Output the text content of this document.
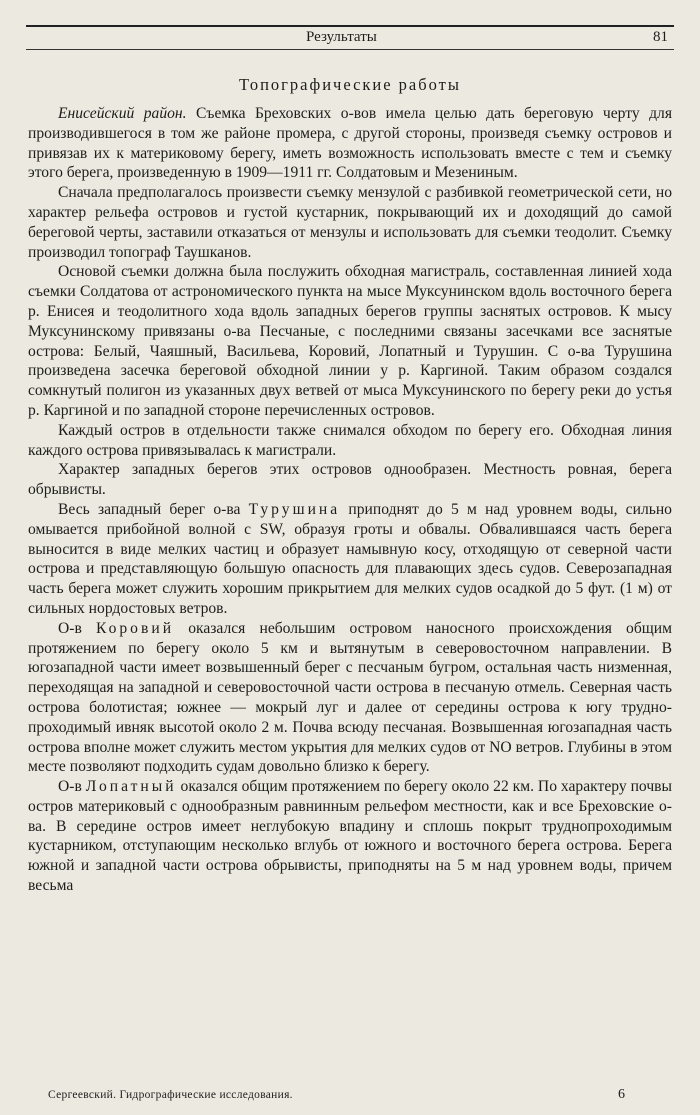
Результаты	81
Топографические работы

Енисейский район. Съемка Бреховских о-вов имела целью дать береговую черту для производившегося в том же районе промера, с другой стороны, произведя съемку островов и привязав их к материковому берегу, иметь возможность использовать вместе с тем и съемку этого берега, произведенную в 1909—1911 гг. Солдатовым и Мезениным.

Сначала предполагалось произвести съемку мензулой с разбивкой геометрической сети, но характер рельефа островов и густой кустарник, покрывающий их и доходящий до самой береговой черты, заставили отказаться от мензулы и использовать для съемки теодолит. Съемку производил топограф Таушканов.

Основой съемки должна была послужить обходная магистраль, составленная линией хода съемки Солдатова от астрономического пункта на мысе Муксунинском вдоль восточного берега р. Енисея и теодолитного хода вдоль западных берегов группы заснятых островов. К мысу Муксунинскому привязаны о-ва Песчаные, с последними связаны засечками все заснятые острова: Белый, Чаяшный, Васильева, Коровий, Лопатный и Турушин. С о-ва Турушина произведена засечка береговой обходной линии у р. Каргиной. Таким образом создался сомкнутый полигон из указанных двух ветвей от мыса Муксунинского по берегу реки до устья р. Каргиной и по западной стороне перечисленных островов.

Каждый остров в отдельности также снимался обходом по берегу его. Обходная линия каждого острова привязывалась к магистрали.

Характер западных берегов этих островов однообразен. Местность ровная, берега обрывисты.

Весь западный берег о-ва Турушина приподнят до 5 м над уровнем воды, сильно омывается прибойной волной с SW, образуя гроты и обвалы. Обвалившаяся часть берега выносится в виде мелких частиц и образует намывную косу, отходящую от северной части острова и представляющую большую опасность для плавающих здесь судов. Северозападная часть берега может служить хорошим прикрытием для мелких судов осадкой до 5 фут. (1 м) от сильных нордостовых ветров.

О-в Коровий оказался небольшим островом наносного происхождения общим протяжением по берегу около 5 км и вытянутым в северовосточном направлении. В югозападной части имеет возвышенный берег с песчаным бугром, остальная часть низменная, переходящая на западной и северовосточной части острова в песчаную отмель. Северная часть острова болотистая; южнее — мокрый луг и далее от середины острова к югу трудно-проходимый ивняк высотой около 2 м. Почва всюду песчаная. Возвышенная югозападная часть острова вполне может служить местом укрытия для мелких судов от NO ветров. Глубины в этом месте позволяют подходить судам довольно близко к берегу.

О-в Лопатный оказался общим протяжением по берегу около 22 км. По характеру почвы остров материковый с однообразным равнинным рельефом местности, как и все Бреховские о-ва. В середине остров имеет неглубокую впадину и сплошь покрыт труднопроходимым кустарником, отступающим несколько вглубь от южного и восточного берега острова. Берега южной и западной части острова обрывисты, приподняты на 5 м над уровнем воды, причем весьма

Сергеевский. Гидрографические исследования.	6
